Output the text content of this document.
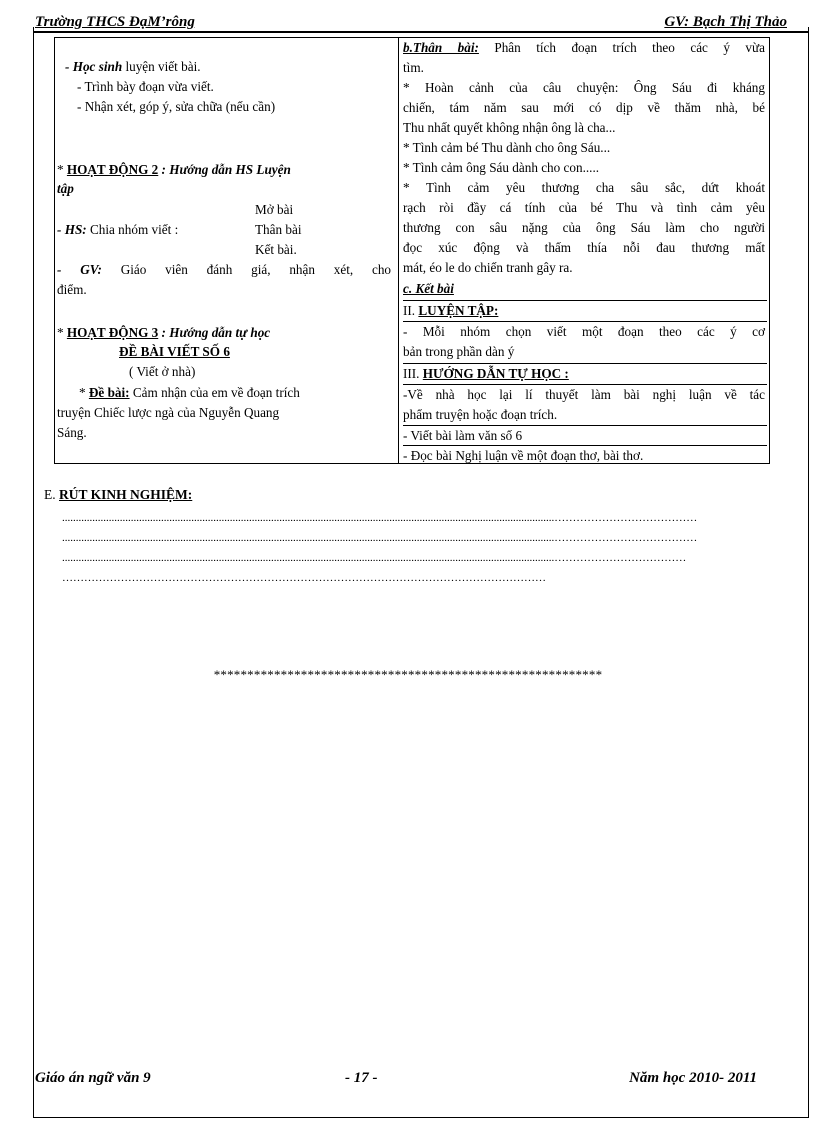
Trường THCS ĐạM’rông	GV: Bạch Thị Thảo
- Học sinh luyện viết bài.
- Trình bày đoạn vừa viết.
- Nhận xét, góp ý, sửa chữa (nếu cần)
* HOẠT ĐỘNG 2 : Hướng dẫn HS Luyện
tập
Mở bài
- HS: Chia nhóm viết :	Thân bài
Kết bài.
- GV: Giáo viên đánh giá, nhận xét, cho
điểm.
* HOẠT ĐỘNG 3 : Hướng dẫn tự học
ĐỀ BÀI VIẾT SỐ 6
( Viết ở nhà)
* Đề bài: Cảm nhận của em về đoạn trích
truyện Chiếc lược ngà của Nguyễn Quang
Sáng.
b.Thân bài: Phân tích đoạn trích theo các ý vừa
tìm.
* Hoàn cảnh của câu chuyện: Ông Sáu đi kháng
chiến, tám năm sau mới có dịp về thăm nhà, bé
Thu nhất quyết không nhận ông là cha...
* Tình cảm bé Thu dành cho ông Sáu...
* Tình cảm ông Sáu dành cho con.....
* Tình cảm yêu thương cha sâu sắc, dứt khoát
rạch ròi đầy cá tính của bé Thu và tình cảm yêu
thương con sâu nặng của ông Sáu làm cho người
đọc xúc động và thấm thía nỗi đau thương mất
mát, éo le do chiến tranh gây ra.
c. Kết bài
II. LUYỆN TẬP:
- Mỗi nhóm chọn viết một đoạn theo các ý cơ
bản trong phần dàn ý
III. HƯỚNG DẪN TỰ HỌC :
-Về nhà học lại lí thuyết làm bài nghị luận về tác
phẩm truyện hoặc đoạn trích.
- Viết bài làm văn số 6
- Đọc bài Nghị luận về một đoạn thơ, bài thơ.
E. RÚT KINH NGHIỆM:
...................................................................................................................................................................................…………………………………
...................................................................................................................................................................................…………………………………
...................................................................................................................................................................................………………………………
……………………………………………………………………………………………………………………
**********************************************************
Giáo án ngữ văn 9	- 17 -	Năm học 2010- 2011
